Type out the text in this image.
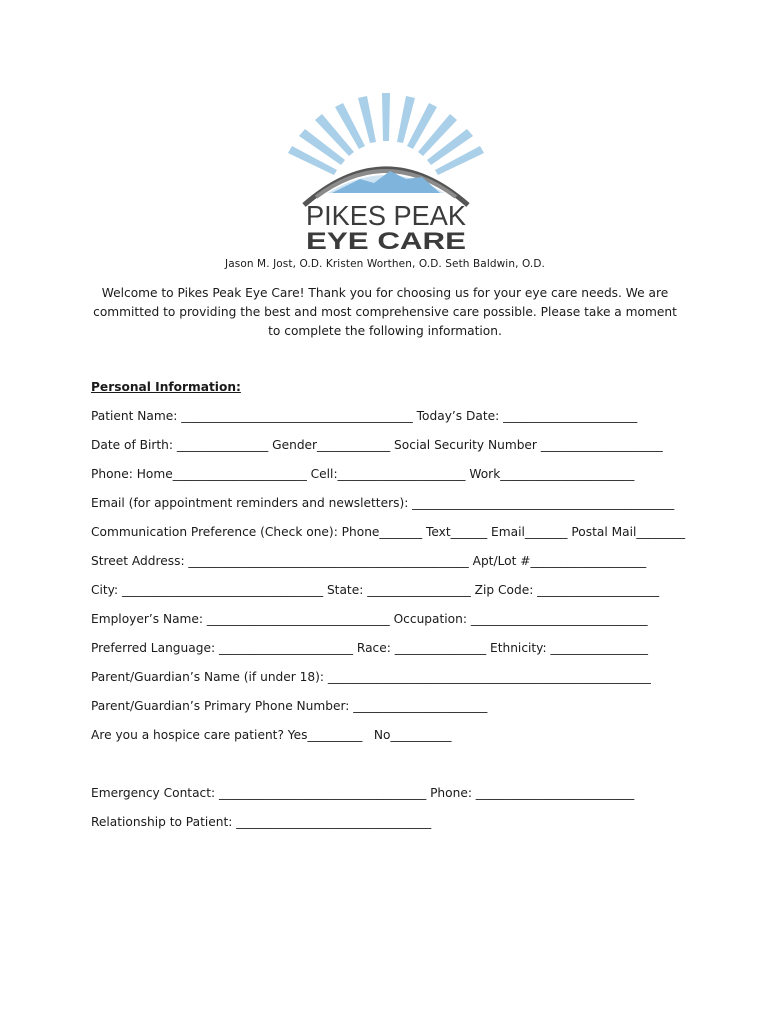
PIKES PEAK
EYE CARE
Jason M. Jost, O.D. Kristen Worthen, O.D. Seth Baldwin, O.D.
Welcome to Pikes Peak Eye Care! Thank you for choosing us for your eye care needs. We are committed to providing the best and most comprehensive care possible. Please take a moment to complete the following information.
Personal Information:
Patient Name: ______________________________________ Today’s Date: ______________________
Date of Birth: _______________ Gender____________ Social Security Number ____________________
Phone: Home______________________ Cell:_____________________ Work______________________
Email (for appointment reminders and newsletters): ___________________________________________
Communication Preference (Check one): Phone_______ Text______ Email_______ Postal Mail________
Street Address: ______________________________________________ Apt/Lot #___________________
City: _________________________________ State: _________________ Zip Code: ____________________
Employer’s Name: ______________________________ Occupation: _____________________________
Preferred Language: ______________________ Race: _______________ Ethnicity: ________________
Parent/Guardian’s Name (if under 18): _____________________________________________________
Parent/Guardian’s Primary Phone Number: ______________________
Are you a hospice care patient? Yes_________   No__________
Emergency Contact: __________________________________ Phone: __________________________
Relationship to Patient: ________________________________
